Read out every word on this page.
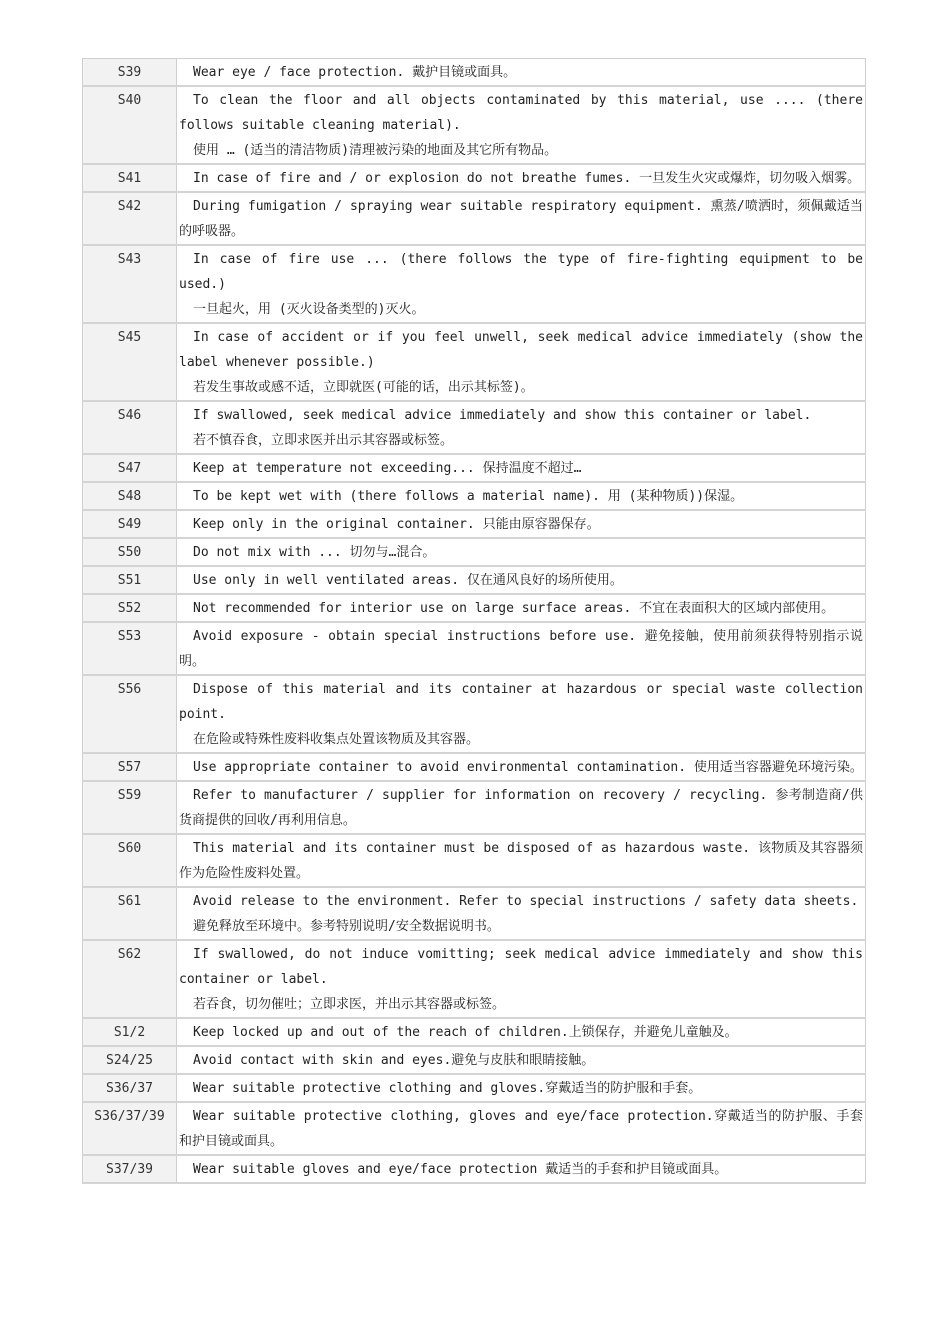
S39	Wear eye / face protection. 戴护目镜或面具。

S40	To clean the floor and all objects contaminated by this material, use .... (there follows suitable cleaning material).
使用 … (适当的清洁物质)清理被污染的地面及其它所有物品。

S41	In case of fire and / or explosion do not breathe fumes. 一旦发生火灾或爆炸，切勿吸入烟雾。

S42	During fumigation / spraying wear suitable respiratory equipment. 熏蒸/喷洒时，须佩戴适当的呼吸器。

S43	In case of fire use ... (there follows the type of fire-fighting equipment to be used.)
一旦起火，用 (灭火设备类型的)灭火。

S45	In case of accident or if you feel unwell, seek medical advice immediately (show the label whenever possible.)
若发生事故或感不适，立即就医(可能的话，出示其标签)。

S46	If swallowed, seek medical advice immediately and show this container or label.
若不慎吞食，立即求医并出示其容器或标签。

S47	Keep at temperature not exceeding... 保持温度不超过…

S48	To be kept wet with (there follows a material name). 用 (某种物质))保湿。

S49	Keep only in the original container. 只能由原容器保存。

S50	Do not mix with ... 切勿与…混合。

S51	Use only in well ventilated areas. 仅在通风良好的场所使用。

S52	Not recommended for interior use on large surface areas. 不宜在表面积大的区域内部使用。

S53	Avoid exposure - obtain special instructions before use. 避免接触，使用前须获得特别指示说明。

S56	Dispose of this material and its container at hazardous or special waste collection point.
在危险或特殊性废料收集点处置该物质及其容器。

S57	Use appropriate container to avoid environmental contamination. 使用适当容器避免环境污染。

S59	Refer to manufacturer / supplier for information on recovery / recycling. 参考制造商/供货商提供的回收/再利用信息。

S60	This material and its container must be disposed of as hazardous waste. 该物质及其容器须作为危险性废料处置。

S61	Avoid release to the environment. Refer to special instructions / safety data sheets.
避免释放至环境中。参考特别说明/安全数据说明书。

S62	If swallowed, do not induce vomitting; seek medical advice immediately and show this container or label.
若吞食，切勿催吐；立即求医，并出示其容器或标签。

S1/2	Keep locked up and out of the reach of children.上锁保存，并避免儿童触及。

S24/25	Avoid contact with skin and eyes.避免与皮肤和眼睛接触。

S36/37	Wear suitable protective clothing and gloves.穿戴适当的防护服和手套。

S36/37/39	Wear suitable protective clothing, gloves and eye/face protection.穿戴适当的防护服、手套和护目镜或面具。

S37/39	Wear suitable gloves and eye/face protection 戴适当的手套和护目镜或面具。
